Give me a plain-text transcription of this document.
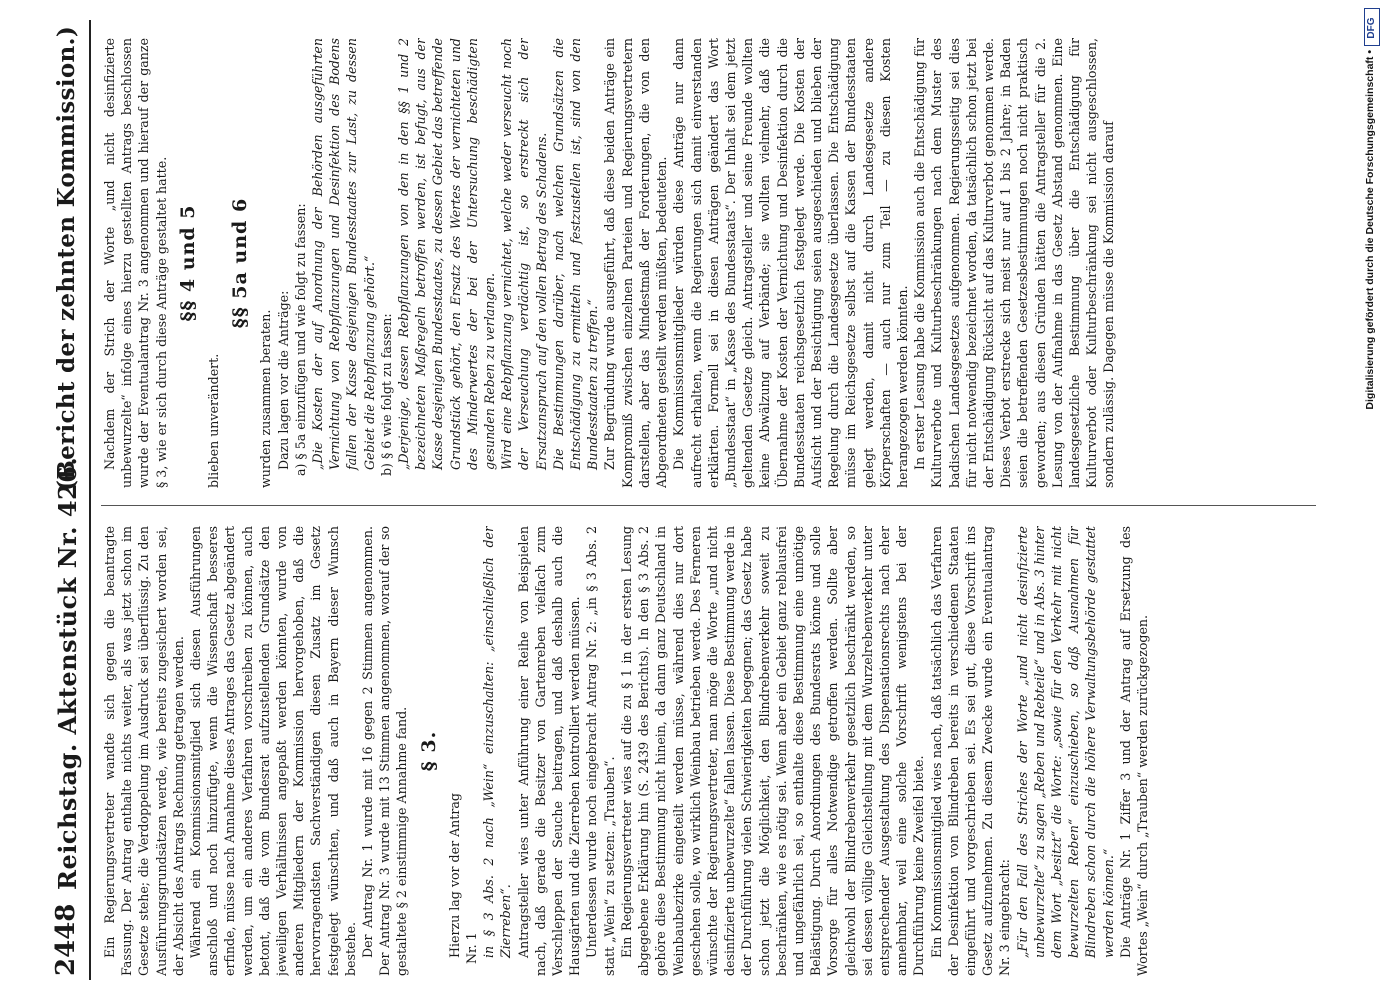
2448
Reichstag. Aktenstück Nr. 426.
(Bericht der zehnten Kommission.)

Ein Regierungsvertreter wandte sich gegen die beantragte Fassung. Der Antrag enthalte nichts weiter, als was jetzt schon im Gesetze stehe; die Verdoppelung im Ausdruck sei überflüssig. Zu den Ausführungsgrundsätzen werde, wie bereits zugesichert worden sei, der Absicht des Antrags Rechnung getragen werden. Während ein Kommissionsmitglied sich diesen Ausführungen anschloß und noch hinzufügte, wenn die Wissenschaft besseres erfinde, müsse nach Annahme dieses Antrages das Gesetz abgeändert werden, um ein anderes Verfahren vorschreiben zu können, auch betont, daß die vom Bundesrat aufzustellenden Grundsätze den jeweiligen Verhältnissen angepaßt werden könnten, wurde von anderen Mitgliedern der Kommission hervorgehoben, daß die hervorragendsten Sachverständigen diesen Zusatz im Gesetz festgelegt wünschten, und daß auch in Bayern dieser Wunsch bestehe. Der Antrag Nr. 1 wurde mit 16 gegen 2 Stimmen angenommen. Der Antrag Nr. 3 wurde mit 13 Stimmen angenommen, worauf der so gestaltete § 2 einstimmige Annahme fand. § 3.

Hierzu lag vor der Antrag Nr. 1 in § 3 Abs. 2 nach „Wein“ einzuschalten: „einschließlich der Zierreben“. Antragsteller wies unter Anführung einer Reihe von Beispielen nach, daß gerade die Besitzer von Gartenreben vielfach zum Verschleppen der Seuche beitragen, und daß deshalb auch die Hausgärten und die Zierreben kontrolliert werden müssen. Unterdessen wurde noch eingebracht Antrag Nr. 2: „in § 3 Abs. 2 statt „Wein“ zu setzen: „Trauben“. Ein Regierungsvertreter wies auf die zu § 1 in der ersten Lesung abgegebene Erklärung hin (S. 2439 des Berichts). In den § 3 Abs. 2 gehöre diese Bestimmung nicht hinein, da dann ganz Deutschland in Weinbaubezirke eingeteilt werden müsse, während dies nur dort geschehen solle, wo wirklich Weinbau betrieben werde. Des Ferneren wünschte der Regierungsvertreter, man möge die Worte „und nicht desinfizierte unbewurzelte“ fallen lassen. Diese Bestimmung werde in der Durchführung vielen Schwierigkeiten begegnen; das Gesetz habe schon jetzt die Möglichkeit, den Blindrebenverkehr soweit zu beschränken, wie es nötig sei. Wenn aber ein Gebiet ganz reblausfrei und ungefährlich sei, so enthalte diese Bestimmung eine unnötige Belästigung. Durch Anordnungen des Bundesrats könne und solle Vorsorge für alles Notwendige getroffen werden. Sollte aber gleichwohl der Blindrebenverkehr gesetzlich beschränkt werden, so sei dessen völlige Gleichstellung mit dem Wurzelrebenverkehr unter entsprechender Ausgestaltung des Dispensationsrechts nach eher annehmbar, weil eine solche Vorschrift wenigstens bei der Durchführung keine Zweifel biete. Ein Kommissionsmitglied wies nach, daß tatsächlich das Verfahren der Desinfektion von Blindreben bereits in verschiedenen Staaten eingeführt und vorgeschrieben sei. Es sei gut, diese Vorschrift ins Gesetz aufzunehmen. Zu diesem Zwecke wurde ein Eventualantrag Nr. 3 eingebracht: „Für den Fall des Striches der Worte „und nicht desinfizierte unbewurzelte“ zu sagen „Reben und Rebteile“ und in Abs. 3 hinter dem Wort „besitzt“ die Worte: „sowie für den Verkehr mit nicht bewurzelten Reben“ einzuschieben, so daß Ausnahmen für Blindreben schon durch die höhere Verwaltungsbehörde gestattet werden können.“ Die Anträge Nr. 1 Ziffer 3 und der Antrag auf Ersetzung des Wortes „Wein“ durch „Trauben“ werden zurückgezogen.

Nachdem der Strich der Worte „und nicht desinfizierte unbewurzelte“ infolge eines hierzu gestellten Antrags beschlossen wurde der Eventualantrag Nr. 3 angenommen und hierauf der ganze § 3, wie er sich durch diese Anträge gestaltet hatte. §§ 4 und 5

blieben unverändert.

§§ 5a und 6

wurden zusammen beraten. Dazu lagen vor die Anträge: a) § 5a einzufügen und wie folgt zu fassen: „Die Kosten der auf Anordnung der Behörden ausgeführten Vernichtung von Rebpflanzungen und Desinfektion des Bodens fallen der Kasse desjenigen Bundesstaates zur Last, zu dessen Gebiet die Rebpflanzung gehört.“ b) § 6 wie folgt zu fassen: „Derjenige, dessen Rebpflanzungen von den in den §§ 1 und 2 bezeichneten Maßregeln betroffen werden, ist befugt, aus der Kasse desjenigen Bundesstaates, zu dessen Gebiet das betreffende Grundstück gehört, den Ersatz des Wertes der vernichteten und des Minderwertes der bei der Untersuchung beschädigten gesunden Reben zu verlangen. Wird eine Rebpflanzung vernichtet, welche weder verseucht noch der Verseuchung verdächtig ist, so erstreckt sich der Ersatzanspruch auf den vollen Betrag des Schadens. Die Bestimmungen darüber, nach welchen Grundsätzen die Entschädigung zu ermitteln und festzustellen ist, sind von den Bundesstaaten zu treffen.“ Zur Begründung wurde ausgeführt, daß diese beiden Anträge ein Kompromiß zwischen einzelnen Parteien und Regierungsvertretern darstellen, aber das Mindestmaß der Forderungen, die von den Abgeordneten gestellt werden müßten, bedeuteten. Die Kommissionsmitglieder würden diese Anträge nur dann aufrecht erhalten, wenn die Regierungen sich damit einverstanden erklärten. Formell sei in diesen Anträgen geändert das Wort „Bundesstaat“ in „Kasse des Bundesstaats“. Der Inhalt sei dem jetzt geltenden Gesetze gleich. Antragsteller und seine Freunde wollten keine Abwälzung auf Verbände; sie wollten vielmehr, daß die Übernahme der Kosten der Vernichtung und Desinfektion durch die Bundesstaaten reichsgesetzlich festgelegt werde. Die Kosten der Aufsicht und der Besichtigung seien ausgeschieden und blieben der Regelung durch die Landesgesetze überlassen. Die Entschädigung müsse im Reichsgesetze selbst auf die Kassen der Bundesstaaten gelegt werden, damit nicht durch Landesgesetze andere Körperschaften — auch nur zum Teil — zu diesen Kosten herangezogen werden könnten. In erster Lesung habe die Kommission auch die Entschädigung für Kulturverbote und Kulturbeschränkungen nach dem Muster des badischen Landesgesetzes aufgenommen. Regierungsseitig sei dies für nicht notwendig bezeichnet worden, da tatsächlich schon jetzt bei der Entschädigung Rücksicht auf das Kulturverbot genommen werde. Dieses Verbot erstrecke sich meist nur auf 1 bis 2 Jahre; in Baden seien die betreffenden Gesetzesbestimmungen noch nicht praktisch geworden; aus diesen Gründen hätten die Antragsteller für die 2. Lesung von der Aufnahme in das Gesetz Abstand genommen. Eine landesgesetzliche Bestimmung über die Entschädigung für Kulturverbot oder Kulturbeschränkung sei nicht ausgeschlossen, sondern zulässig. Dagegen müsse die Kommission darauf

DFG
Digitalisierung gefördert durch die Deutsche Forschungsgemeinschaft •
